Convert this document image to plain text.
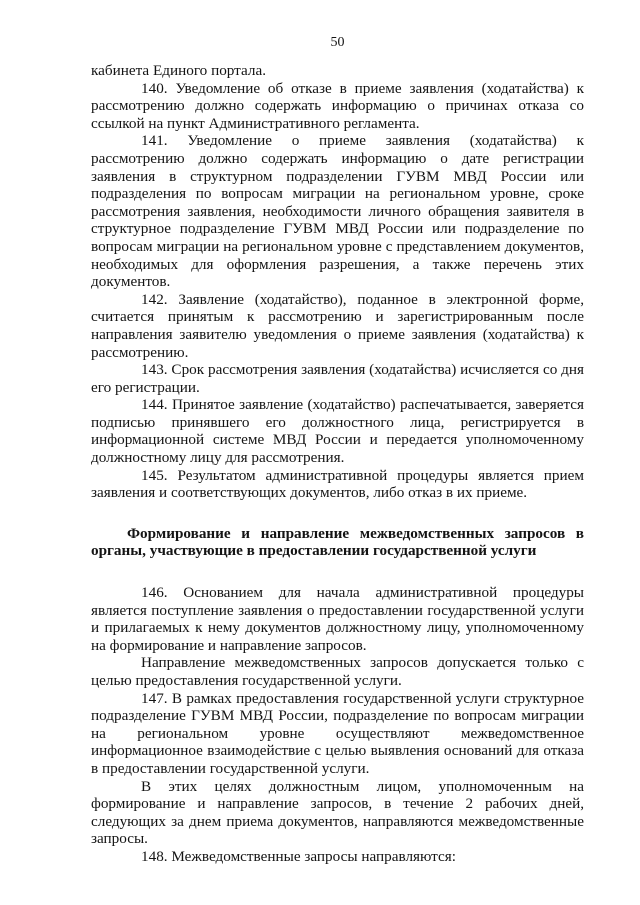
50

кабинета Единого портала.

140. Уведомление об отказе в приеме заявления (ходатайства) к рассмотрению должно содержать информацию о причинах отказа со ссылкой на пункт Административного регламента.

141. Уведомление о приеме заявления (ходатайства) к рассмотрению должно содержать информацию о дате регистрации заявления в структурном подразделении ГУВМ МВД России или подразделения по вопросам миграции на региональном уровне, сроке рассмотрения заявления, необходимости личного обращения заявителя в структурное подразделение ГУВМ МВД России или подразделение по вопросам миграции на региональном уровне с представлением документов, необходимых для оформления разрешения, а также перечень этих документов.

142. Заявление (ходатайство), поданное в электронной форме, считается принятым к рассмотрению и зарегистрированным после направления заявителю уведомления о приеме заявления (ходатайства) к рассмотрению.

143. Срок рассмотрения заявления (ходатайства) исчисляется со дня его регистрации.

144. Принятое заявление (ходатайство) распечатывается, заверяется подписью принявшего его должностного лица, регистрируется в информационной системе МВД России и передается уполномоченному должностному лицу для рассмотрения.

145. Результатом административной процедуры является прием заявления и соответствующих документов, либо отказ в их приеме.

Формирование и направление межведомственных запросов в органы, участвующие в предоставлении государственной услуги

146. Основанием для начала административной процедуры является поступление заявления о предоставлении государственной услуги и прилагаемых к нему документов должностному лицу, уполномоченному на формирование и направление запросов.

Направление межведомственных запросов допускается только с целью предоставления государственной услуги.

147. В рамках предоставления государственной услуги структурное подразделение ГУВМ МВД России, подразделение по вопросам миграции на региональном уровне осуществляют межведомственное информационное взаимодействие с целью выявления оснований для отказа в предоставлении государственной услуги.

В этих целях должностным лицом, уполномоченным на формирование и направление запросов, в течение 2 рабочих дней, следующих за днем приема документов, направляются межведомственные запросы.

148. Межведомственные запросы направляются:
